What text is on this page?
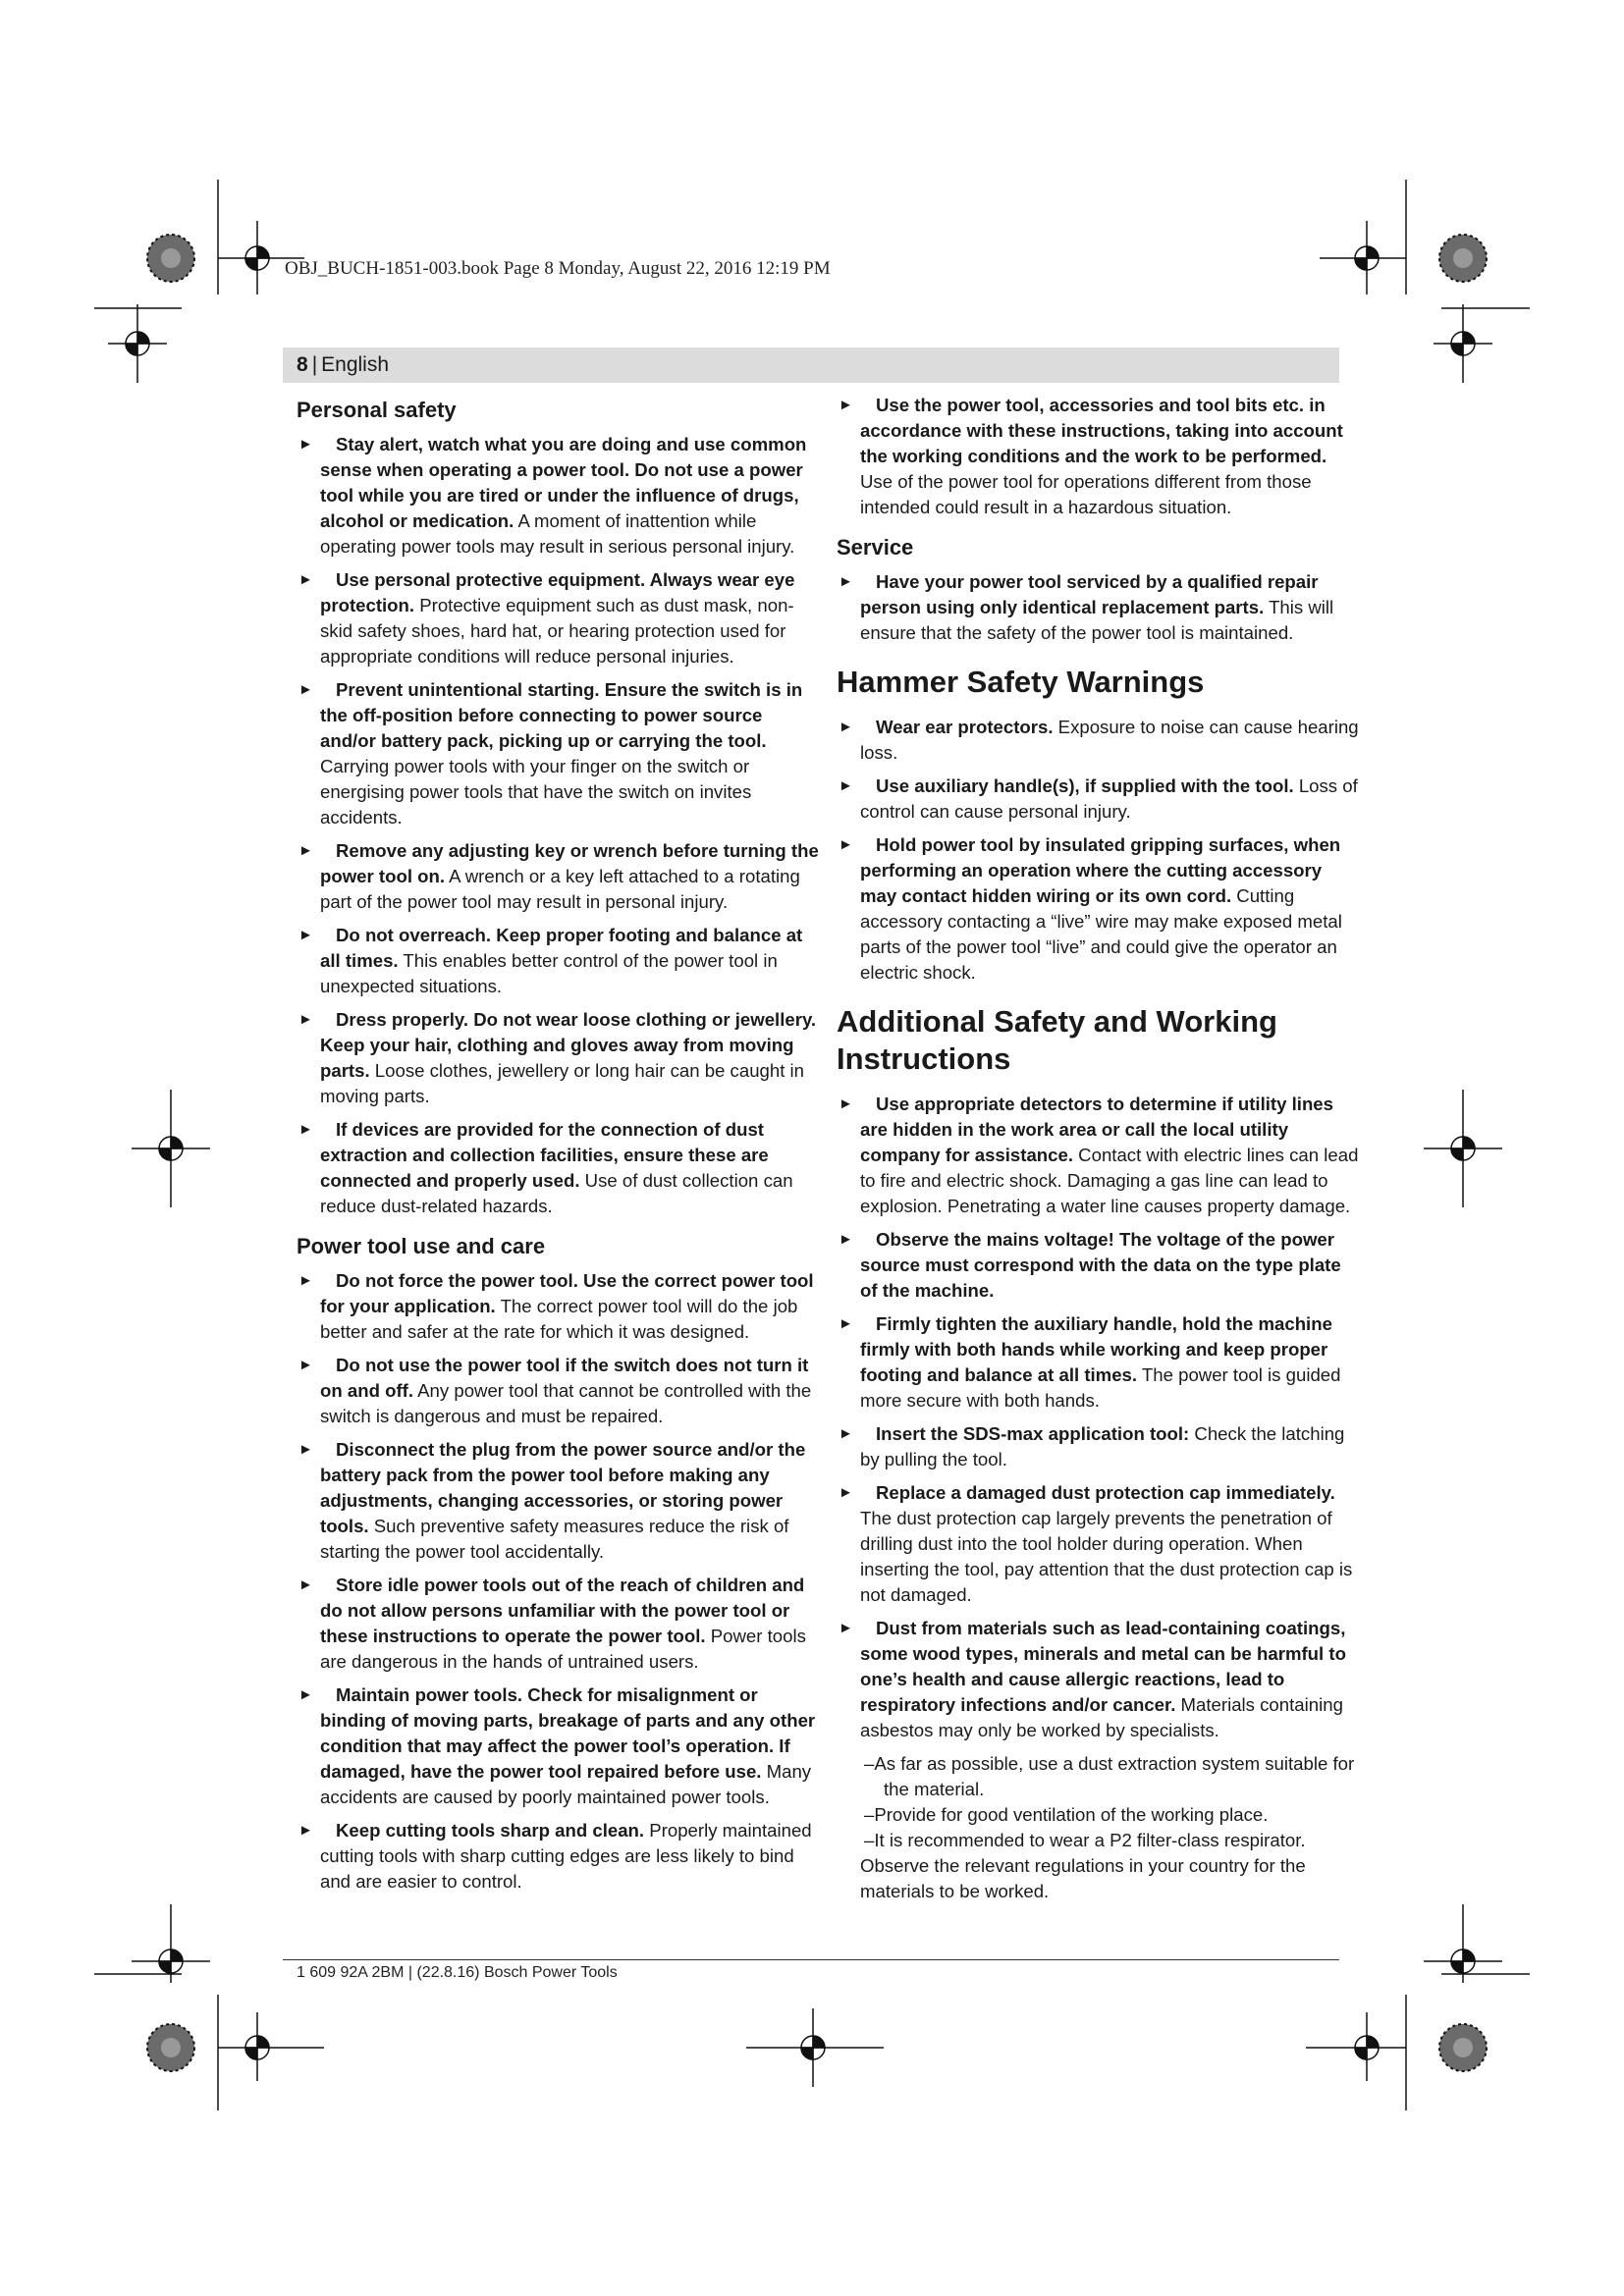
OBJ_BUCH-1851-003.book Page 8 Monday, August 22, 2016 12:19 PM
8 | English
Personal safety
► Stay alert, watch what you are doing and use common sense when operating a power tool. Do not use a power tool while you are tired or under the influence of drugs, alcohol or medication. A moment of inattention while operating power tools may result in serious personal injury.
► Use personal protective equipment. Always wear eye protection. Protective equipment such as dust mask, non-skid safety shoes, hard hat, or hearing protection used for appropriate conditions will reduce personal injuries.
► Prevent unintentional starting. Ensure the switch is in the off-position before connecting to power source and/or battery pack, picking up or carrying the tool. Carrying power tools with your finger on the switch or energising power tools that have the switch on invites accidents.
► Remove any adjusting key or wrench before turning the power tool on. A wrench or a key left attached to a rotating part of the power tool may result in personal injury.
► Do not overreach. Keep proper footing and balance at all times. This enables better control of the power tool in unexpected situations.
► Dress properly. Do not wear loose clothing or jewellery. Keep your hair, clothing and gloves away from moving parts. Loose clothes, jewellery or long hair can be caught in moving parts.
► If devices are provided for the connection of dust extraction and collection facilities, ensure these are connected and properly used. Use of dust collection can reduce dust-related hazards.
Power tool use and care
► Do not force the power tool. Use the correct power tool for your application. The correct power tool will do the job better and safer at the rate for which it was designed.
► Do not use the power tool if the switch does not turn it on and off. Any power tool that cannot be controlled with the switch is dangerous and must be repaired.
► Disconnect the plug from the power source and/or the battery pack from the power tool before making any adjustments, changing accessories, or storing power tools. Such preventive safety measures reduce the risk of starting the power tool accidentally.
► Store idle power tools out of the reach of children and do not allow persons unfamiliar with the power tool or these instructions to operate the power tool. Power tools are dangerous in the hands of untrained users.
► Maintain power tools. Check for misalignment or binding of moving parts, breakage of parts and any other condition that may affect the power tool’s operation. If damaged, have the power tool repaired before use. Many accidents are caused by poorly maintained power tools.
► Keep cutting tools sharp and clean. Properly maintained cutting tools with sharp cutting edges are less likely to bind and are easier to control.
► Use the power tool, accessories and tool bits etc. in accordance with these instructions, taking into account the working conditions and the work to be performed. Use of the power tool for operations different from those intended could result in a hazardous situation.
Service
► Have your power tool serviced by a qualified repair person using only identical replacement parts. This will ensure that the safety of the power tool is maintained.
Hammer Safety Warnings
► Wear ear protectors. Exposure to noise can cause hearing loss.
► Use auxiliary handle(s), if supplied with the tool. Loss of control can cause personal injury.
► Hold power tool by insulated gripping surfaces, when performing an operation where the cutting accessory may contact hidden wiring or its own cord. Cutting accessory contacting a “live” wire may make exposed metal parts of the power tool “live” and could give the operator an electric shock.
Additional Safety and Working Instructions
► Use appropriate detectors to determine if utility lines are hidden in the work area or call the local utility company for assistance. Contact with electric lines can lead to fire and electric shock. Damaging a gas line can lead to explosion. Penetrating a water line causes property damage.
► Observe the mains voltage! The voltage of the power source must correspond with the data on the type plate of the machine.
► Firmly tighten the auxiliary handle, hold the machine firmly with both hands while working and keep proper footing and balance at all times. The power tool is guided more secure with both hands.
► Insert the SDS-max application tool: Check the latching by pulling the tool.
► Replace a damaged dust protection cap immediately. The dust protection cap largely prevents the penetration of drilling dust into the tool holder during operation. When inserting the tool, pay attention that the dust protection cap is not damaged.
► Dust from materials such as lead-containing coatings, some wood types, minerals and metal can be harmful to one’s health and cause allergic reactions, lead to respiratory infections and/or cancer. Materials containing asbestos may only be worked by specialists.
–As far as possible, use a dust extraction system suitable for the material.
–Provide for good ventilation of the working place.
–It is recommended to wear a P2 filter-class respirator.
Observe the relevant regulations in your country for the materials to be worked.
1 609 92A 2BM | (22.8.16) Bosch Power Tools
